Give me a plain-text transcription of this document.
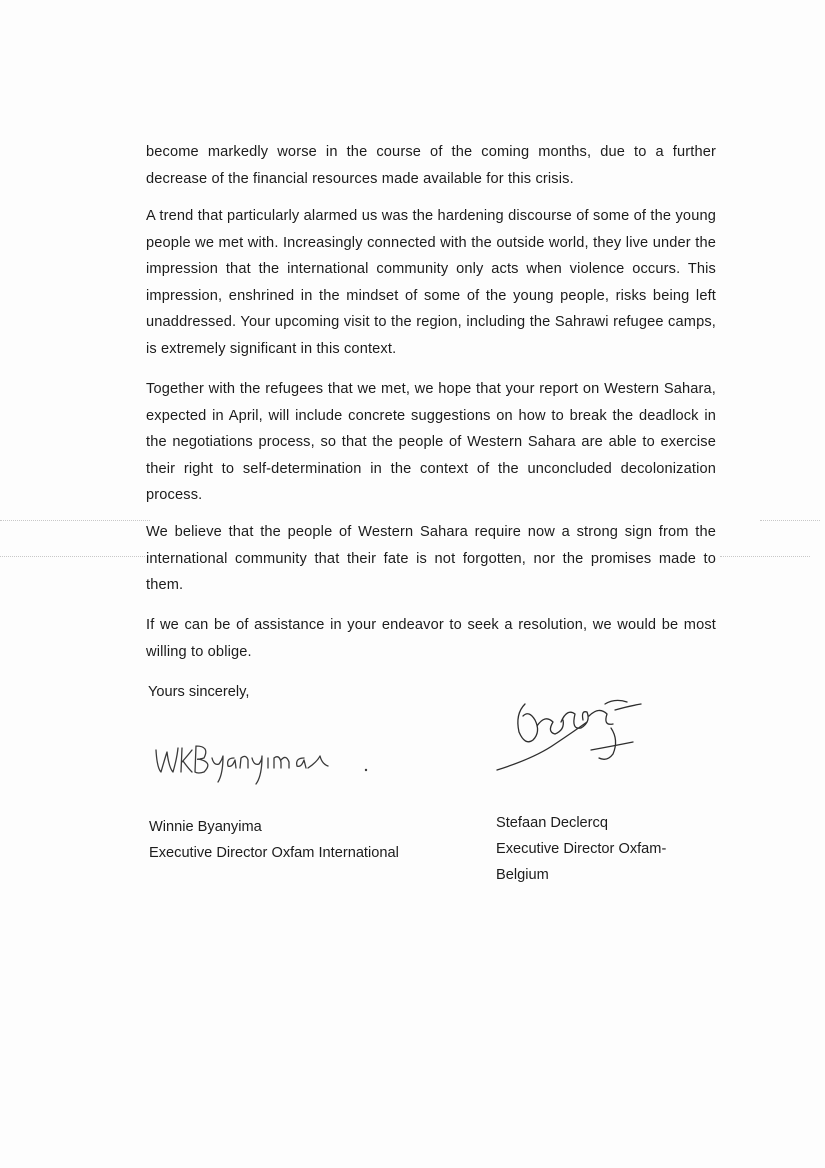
become markedly worse in the course of the coming months, due to a further decrease of the financial resources made available for this crisis.

A trend that particularly alarmed us was the hardening discourse of some of the young people we met with. Increasingly connected with the outside world, they live under the impression that the international community only acts when violence occurs. This impression, enshrined in the mindset of some of the young people, risks being left unaddressed. Your upcoming visit to the region, including the Sahrawi refugee camps, is extremely significant in this context.

Together with the refugees that we met, we hope that your report on Western Sahara, expected in April, will include concrete suggestions on how to break the deadlock in the negotiations process, so that the people of Western Sahara are able to exercise their right to self-determination in the context of the unconcluded decolonization process.

We believe that the people of Western Sahara require now a strong sign from the international community that their fate is not forgotten, nor the promises made to them.

If we can be of assistance in your endeavor to seek a resolution, we would be most willing to oblige.

Yours sincerely,

Winnie Byanyima

Executive Director Oxfam International

Stefaan Declercq

Executive Director Oxfam-Belgium
